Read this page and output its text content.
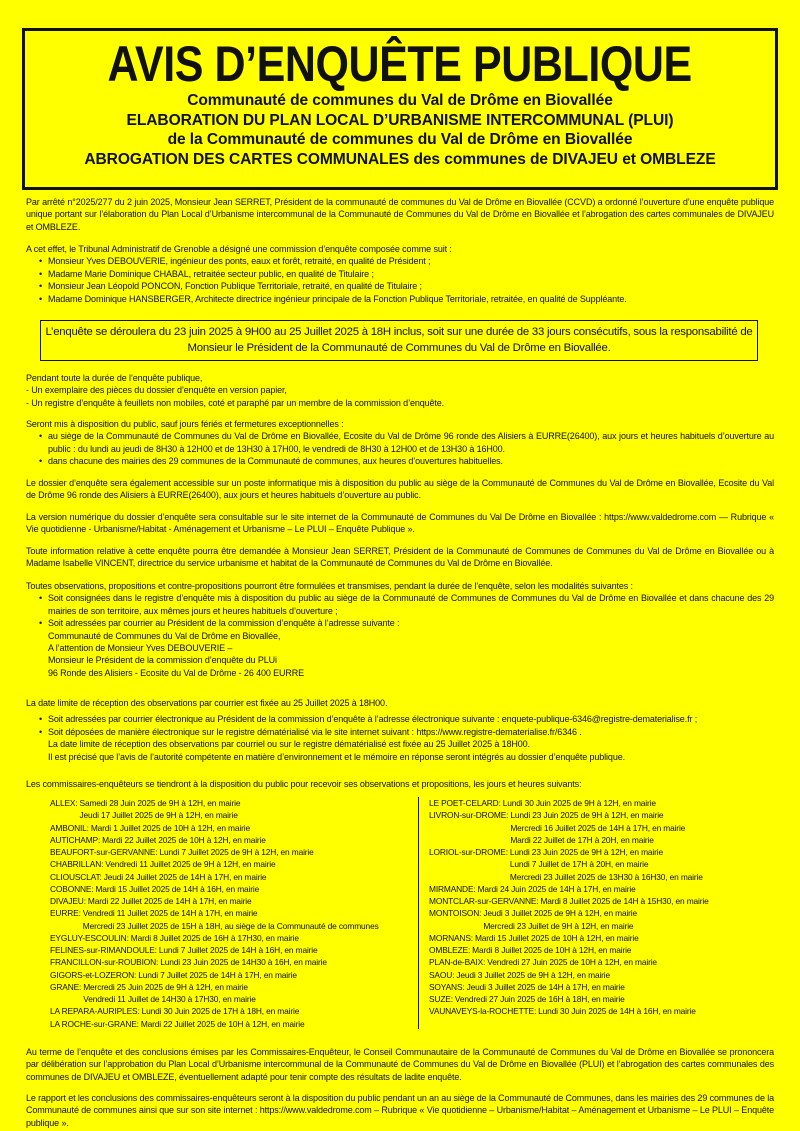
AVIS D’ENQUÊTE PUBLIQUE
Communauté de communes du Val de Drôme en Biovallée
ELABORATION DU PLAN LOCAL D’URBANISME INTERCOMMUNAL (PLUI)
de la Communauté de communes du Val de Drôme en Biovallée
ABROGATION DES CARTES COMMUNALES des communes de DIVAJEU et OMBLEZE

Par arrêté n°2025/277 du 2 juin 2025, Monsieur Jean SERRET, Président de la communauté de communes du Val de Drôme en Biovallée (CCVD) a ordonné l’ouverture d’une enquête publique unique portant sur l’élaboration du Plan Local d’Urbanisme intercommunal de la Communauté de Communes du Val de Drôme en Biovallée et l’abrogation des cartes communales de DIVAJEU et OMBLEZE.

A cet effet, le Tribunal Administratif de Grenoble a désigné une commission d’enquête composée comme suit :

• Monsieur Yves DEBOUVERIE, ingénieur des ponts, eaux et forêt, retraité, en qualité de Président ;
• Madame Marie Dominique CHABAL, retraitée secteur public, en qualité de Titulaire ;
• Monsieur Jean Léopold PONCON, Fonction Publique Territoriale, retraité, en qualité de Titulaire ;
• Madame Dominique HANSBERGER, Architecte directrice ingénieur principale de la Fonction Publique Territoriale, retraitée, en qualité de Suppléante.
L’enquête se déroulera du 23 juin 2025 à 9H00 au 25 Juillet 2025 à 18H inclus, soit sur une durée de 33 jours consécutifs, sous la responsabilité de Monsieur le Président de la Communauté de Communes du Val de Drôme en Biovallée.
Pendant toute la durée de l’enquête publique,
- Un exemplaire des pièces du dossier d’enquête en version papier,
- Un registre d’enquête à feuillets non mobiles, coté et paraphé par un membre de la commission d’enquête.

Seront mis à disposition du public, sauf jours fériés et fermetures exceptionnelles :

• au siège de la Communauté de Communes du Val de Drôme en Biovallée, Ecosite du Val de Drôme 96 ronde des Alisiers à EURRE(26400), aux jours et heures habituels d’ouverture au public : du lundi au jeudi de 8H30 à 12H00 et de 13H30 à 17H00, le vendredi de 8H30 à 12H00 et de 13H30 à 16H00.
• dans chacune des mairies des 29 communes de la Communauté de communes, aux heures d’ouvertures habituelles.

Le dossier d’enquête sera également accessible sur un poste informatique mis à disposition du public au siège de la Communauté de Communes du Val de Drôme en Biovallée, Ecosite du Val de Drôme 96 ronde des Alisiers à EURRE(26400), aux jours et heures habituels d’ouverture au public.

La version numérique du dossier d’enquête sera consultable sur le site internet de la Communauté de Communes du Val De Drôme en Biovallée : https://www.valdedrome.com — Rubrique « Vie quotidienne - Urbanisme/Habitat - Aménagement et Urbanisme – Le PLUI – Enquête Publique ».

Toute information relative à cette enquête pourra être demandée à Monsieur Jean SERRET, Président de la Communauté de Communes de Communes du Val de Drôme en Biovallée ou à Madame Isabelle VINCENT, directrice du service urbanisme et habitat de la Communauté de Communes du Val de Drôme en Biovallée.

Toutes observations, propositions et contre-propositions pourront être formulées et transmises, pendant la durée de l’enquête, selon les modalités suivantes :

• Soit consignées dans le registre d’enquête mis à disposition du public au siège de la Communauté de Communes de Communes du Val de Drôme en Biovallée et dans chacune des 29 mairies de son territoire, aux mêmes jours et heures habituels d’ouverture ;
• Soit adressées par courrier au Président de la commission d’enquête à l’adresse suivante :
Communauté de Communes du Val de Drôme en Biovallée,
A l’attention de Monsieur Yves DEBOUVERIE –
Monsieur le Président de la commission d’enquête du PLUi
96 Ronde des Alisiers - Ecosite du Val de Drôme - 26 400 EURRE

La date limite de réception des observations par courrier est fixée au 25 Juillet 2025 à 18H00.

• Soit adressées par courrier électronique au Président de la commission d’enquête à l’adresse électronique suivante : enquete-publique-6346@registre-dematerialise.fr ;
• Soit déposées de manière électronique sur le registre dématérialisé via le site internet suivant : https://www.registre-dematerialise.fr/6346 .
La date limite de réception des observations par courriel ou sur le registre dématérialisé est fixée au 25 Juillet 2025 à 18H00.
Il est précisé que l’avis de l’autorité compétente en matière d’environnement et le mémoire en réponse seront intégrés au dossier d’enquête publique.

Les commissaires-enquêteurs se tiendront à la disposition du public pour recevoir ses observations et propositions, les jours et heures suivants:

ALLEX: Samedi 28 Juin 2025 de 9H à 12H, en mairie
Jeudi 17 Juillet 2025 de 9H à 12H, en mairie
AMBONIL: Mardi 1 Juillet 2025 de 10H à 12H, en mairie
AUTICHAMP: Mardi 22 Juillet 2025 de 10H à 12H, en mairie
BEAUFORT-sur-GERVANNE: Lundi 7 Juillet 2025 de 9H à 12H, en mairie
CHABRILLAN: Vendredi 11 Juillet 2025 de 9H à 12H, en mairie
CLIOUSCLAT: Jeudi 24 Juillet 2025 de 14H à 17H, en mairie
COBONNE: Mardi 15 Juillet 2025 de 14H à 16H, en mairie
DIVAJEU: Mardi 22 Juillet 2025 de 14H à 17H, en mairie
EURRE: Vendredi 11 Juillet 2025 de 14H à 17H, en mairie
Mercredi 23 Juillet 2025 de 15H à 18H, au siège de la Communauté de communes
EYGLUY-ESCOULIN: Mardi 8 Juillet 2025 de 16H à 17H30, en mairie
FELINES-sur-RIMANDOULE: Lundi 7 Juillet 2025 de 14H à 16H, en mairie
FRANCILLON-sur-ROUBION: Lundi 23 Juin 2025 de 14H30 à 16H, en mairie
GIGORS-et-LOZERON: Lundi 7 Juillet 2025 de 14H à 17H, en mairie
GRANE: Mercredi 25 Juin 2025 de 9H à 12H, en mairie
Vendredi 11 Juillet de 14H30 à 17H30, en mairie
LA REPARA-AURIPLES: Lundi 30 Juin 2025 de 17H à 18H, en mairie
LA ROCHE-sur-GRANE: Mardi 22 Juillet 2025 de 10H à 12H, en mairie
LE POET-CELARD: Lundi 30 Juin 2025 de 9H à 12H, en mairie
LIVRON-sur-DROME: Lundi 23 Juin 2025 de 9H à 12H, en mairie
Mercredi 16 Juillet 2025 de 14H à 17H, en mairie
Mardi 22 Juillet de 17H à 20H, en mairie
LORIOL-sur-DROME: Lundi 23 Juin 2025 de 9H à 12H, en mairie
Lundi 7 Juillet de 17H à 20H, en mairie
Mercredi 23 Juillet 2025 de 13H30 à 16H30, en mairie
MIRMANDE: Mardi 24 Juin 2025 de 14H à 17H, en mairie
MONTCLAR-sur-GERVANNE: Mardi 8 Juillet 2025 de 14H à 15H30, en mairie
MONTOISON: Jeudi 3 Juillet 2025 de 9H à 12H, en mairie
Mercredi 23 Juillet de 9H à 12H, en mairie
MORNANS: Mardi 15 Juillet 2025 de 10H à 12H, en mairie
OMBLEZE: Mardi 8 Juillet 2025 de 10H à 12H, en mairie
PLAN-de-BAIX: Vendredi 27 Juin 2025 de 10H à 12H, en mairie
SAOU: Jeudi 3 Juillet 2025 de 9H à 12H, en mairie
SOYANS: Jeudi 3 Juillet 2025 de 14H à 17H, en mairie
SUZE: Vendredi 27 Juin 2025 de 16H à 18H, en mairie
VAUNAVEYS-la-ROCHETTE: Lundi 30 Juin 2025 de 14H à 16H, en mairie

Au terme de l’enquête et des conclusions émises par les Commissaires-Enquêteur, le Conseil Communautaire de la Communauté de Communes du Val de Drôme en Biovallée se prononcera par délibération sur l’approbation du Plan Local d’Urbanisme intercommunal de la Communauté de Communes du Val de Drôme en Biovallée (PLUI) et l’abrogation des cartes communales des communes de DIVAJEU et OMBLEZE, éventuellement adapté pour tenir compte des résultats de ladite enquête.

Le rapport et les conclusions des commissaires-enquêteurs seront à la disposition du public pendant un an au siège de la Communauté de Communes, dans les mairies des 29 communes de la Communauté de communes ainsi que sur son site internet : https://www.valdedrome.com – Rubrique « Vie quotidienne – Urbanisme/Habitat – Aménagement et Urbanisme – Le PLUI – Enquête publique ».
